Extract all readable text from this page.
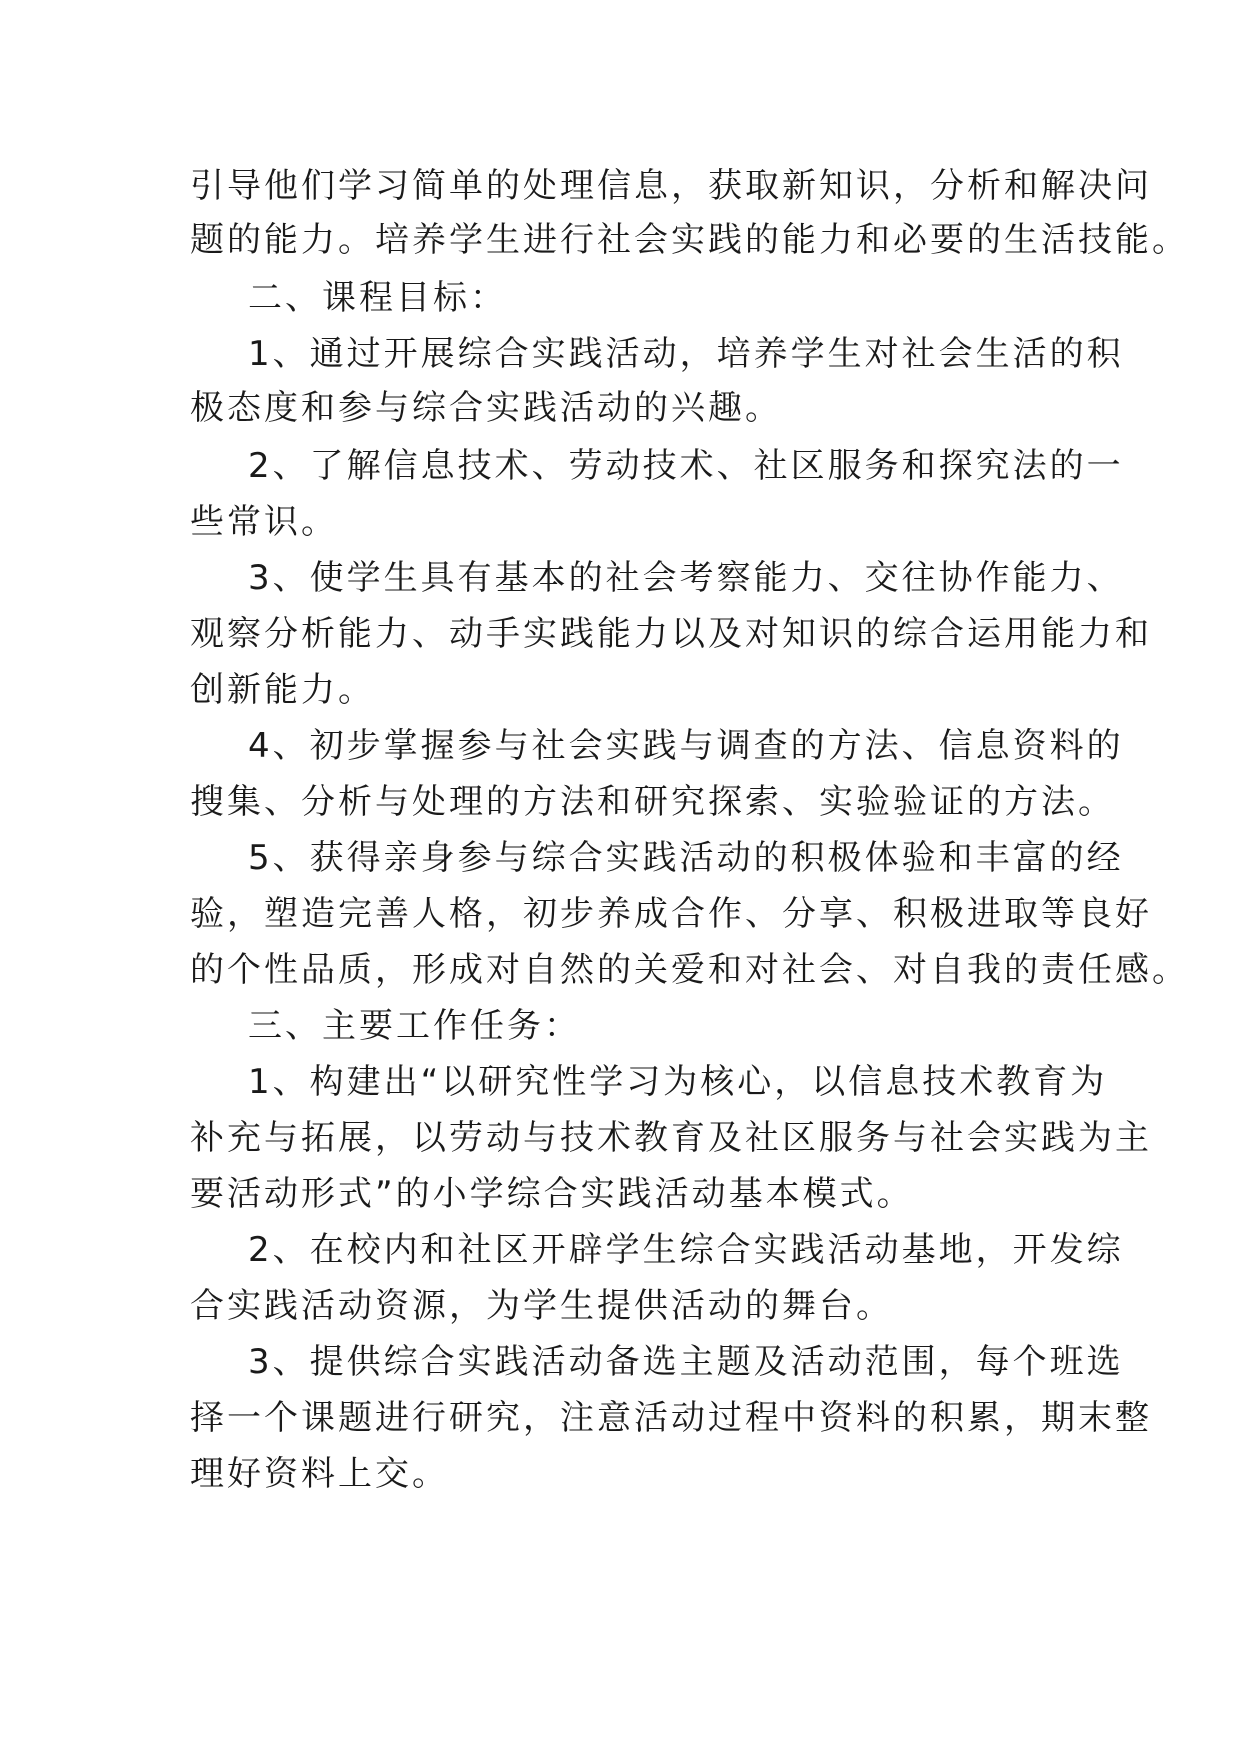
引导他们学习简单的处理信息，获取新知识，分析和解决问
题的能力。培养学生进行社会实践的能力和必要的生活技能。
二、课程目标：
1、通过开展综合实践活动，培养学生对社会生活的积
极态度和参与综合实践活动的兴趣。
2、了解信息技术、劳动技术、社区服务和探究法的一
些常识。
3、使学生具有基本的社会考察能力、交往协作能力、
观察分析能力、动手实践能力以及对知识的综合运用能力和
创新能力。
4、初步掌握参与社会实践与调查的方法、信息资料的
搜集、分析与处理的方法和研究探索、实验验证的方法。
5、获得亲身参与综合实践活动的积极体验和丰富的经
验，塑造完善人格，初步养成合作、分享、积极进取等良好
的个性品质，形成对自然的关爱和对社会、对自我的责任感。
三、主要工作任务：
1、构建出“以研究性学习为核心，以信息技术教育为
补充与拓展，以劳动与技术教育及社区服务与社会实践为主
要活动形式”的小学综合实践活动基本模式。
2、在校内和社区开辟学生综合实践活动基地，开发综
合实践活动资源，为学生提供活动的舞台。
3、提供综合实践活动备选主题及活动范围，每个班选
择一个课题进行研究，注意活动过程中资料的积累，期末整
理好资料上交。
